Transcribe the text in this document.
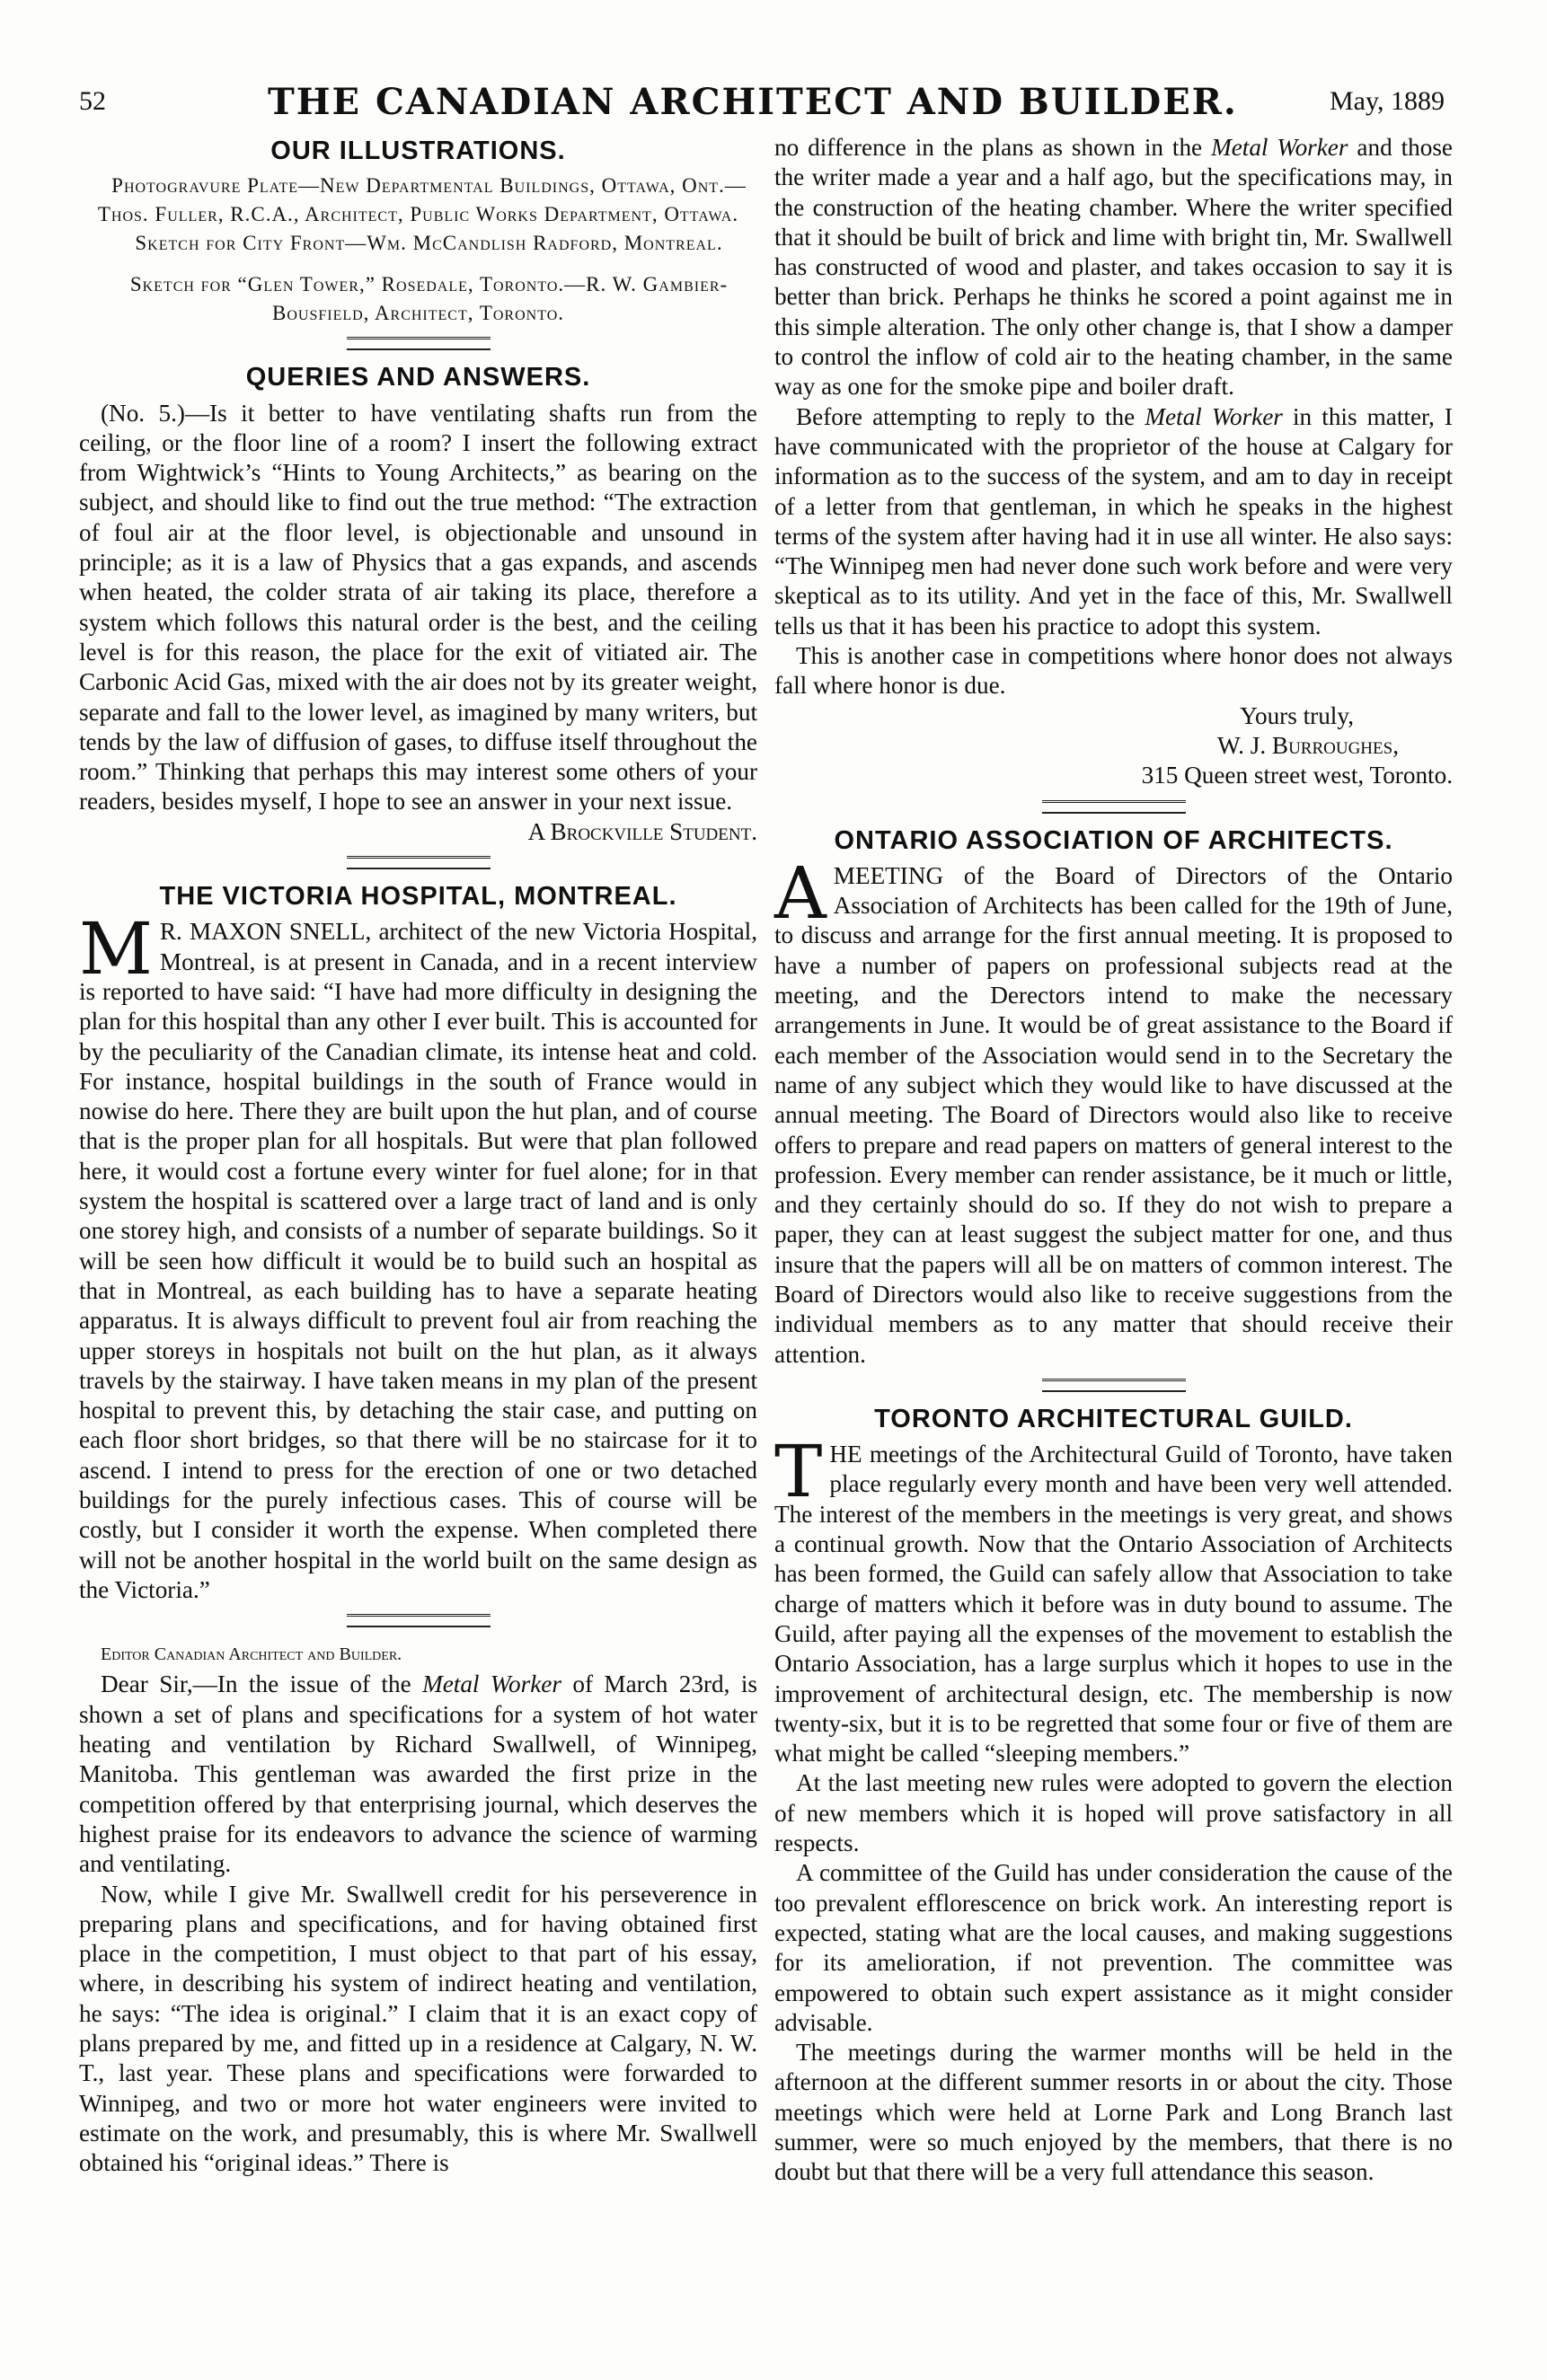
52	THE CANADIAN ARCHITECT AND BUILDER.	May, 1889
OUR ILLUSTRATIONS.

Photogravure Plate—New Departmental Buildings, Ottawa, Ont.—Thos. Fuller, R.C.A., Architect, Public Works Department, Ottawa.

Sketch for City Front—Wm. McCandlish Radford, Montreal.

Sketch for “Glen Tower,” Rosedale, Toronto.—R. W. Gambier-Bousfield, Architect, Toronto.

QUERIES AND ANSWERS.

(No. 5.)—Is it better to have ventilating shafts run from the ceiling, or the floor line of a room? I insert the following extract from Wightwick’s “Hints to Young Architects,” as bearing on the subject, and should like to find out the true method: “The extraction of foul air at the floor level, is objectionable and unsound in principle; as it is a law of Physics that a gas expands, and ascends when heated, the colder strata of air taking its place, therefore a system which follows this natural order is the best, and the ceiling level is for this reason, the place for the exit of vitiated air. The Carbonic Acid Gas, mixed with the air does not by its greater weight, separate and fall to the lower level, as imagined by many writers, but tends by the law of diffusion of gases, to diffuse itself throughout the room.” Thinking that perhaps this may interest some others of your readers, besides myself, I hope to see an answer in your next issue.

A Brockville Student.

THE VICTORIA HOSPITAL, MONTREAL.

M R. MAXON SNELL, architect of the new Victoria Hospital, Montreal, is at present in Canada, and in a recent interview is reported to have said: “I have had more difficulty in designing the plan for this hospital than any other I ever built. This is accounted for by the peculiarity of the Canadian climate, its intense heat and cold. For instance, hospital buildings in the south of France would in nowise do here. There they are built upon the hut plan, and of course that is the proper plan for all hospitals. But were that plan followed here, it would cost a fortune every winter for fuel alone; for in that system the hospital is scattered over a large tract of land and is only one storey high, and consists of a number of separate buildings. So it will be seen how difficult it would be to build such an hospital as that in Montreal, as each building has to have a separate heating apparatus. It is always difficult to prevent foul air from reaching the upper storeys in hospitals not built on the hut plan, as it always travels by the stairway. I have taken means in my plan of the present hospital to prevent this, by detaching the stair case, and putting on each floor short bridges, so that there will be no staircase for it to ascend. I intend to press for the erection of one or two detached buildings for the purely infectious cases. This of course will be costly, but I consider it worth the expense. When completed there will not be another hospital in the world built on the same design as the Victoria.”

Editor Canadian Architect and Builder.

Dear Sir,—In the issue of the Metal Worker of March 23rd, is shown a set of plans and specifications for a system of hot water heating and ventilation by Richard Swallwell, of Winnipeg, Manitoba. This gentleman was awarded the first prize in the competition offered by that enterprising journal, which deserves the highest praise for its endeavors to advance the science of warming and ventilating.

Now, while I give Mr. Swallwell credit for his perseverence in preparing plans and specifications, and for having obtained first place in the competition, I must object to that part of his essay, where, in describing his system of indirect heating and ventilation, he says: “The idea is original.” I claim that it is an exact copy of plans prepared by me, and fitted up in a residence at Calgary, N. W. T., last year. These plans and specifications were forwarded to Winnipeg, and two or more hot water engineers were invited to estimate on the work, and presumably, this is where Mr. Swallwell obtained his “original ideas.” There is

no difference in the plans as shown in the Metal Worker and those the writer made a year and a half ago, but the specifications may, in the construction of the heating chamber. Where the writer specified that it should be built of brick and lime with bright tin, Mr. Swallwell has constructed of wood and plaster, and takes occasion to say it is better than brick. Perhaps he thinks he scored a point against me in this simple alteration. The only other change is, that I show a damper to control the inflow of cold air to the heating chamber, in the same way as one for the smoke pipe and boiler draft.

Before attempting to reply to the Metal Worker in this matter, I have communicated with the proprietor of the house at Calgary for information as to the success of the system, and am to day in receipt of a letter from that gentleman, in which he speaks in the highest terms of the system after having had it in use all winter. He also says: “The Winnipeg men had never done such work before and were very skeptical as to its utility. And yet in the face of this, Mr. Swallwell tells us that it has been his practice to adopt this system.

This is another case in competitions where honor does not always fall where honor is due.

Yours truly,

W. J. Burroughes,

315 Queen street west, Toronto.

ONTARIO ASSOCIATION OF ARCHITECTS.

AMEETING of the Board of Directors of the Ontario Association of Architects has been called for the 19th of June, to discuss and arrange for the first annual meeting. It is proposed to have a number of papers on professional subjects read at the meeting, and the Derectors intend to make the necessary arrangements in June. It would be of great assistance to the Board if each member of the Association would send in to the Secretary the name of any subject which they would like to have discussed at the annual meeting. The Board of Directors would also like to receive offers to prepare and read papers on matters of general interest to the profession. Every member can render assistance, be it much or little, and they certainly should do so. If they do not wish to prepare a paper, they can at least suggest the subject matter for one, and thus insure that the papers will all be on matters of common interest. The Board of Directors would also like to receive suggestions from the individual members as to any matter that should receive their attention.

TORONTO ARCHITECTURAL GUILD.

THE meetings of the Architectural Guild of Toronto, have taken place regularly every month and have been very well attended. The interest of the members in the meetings is very great, and shows a continual growth. Now that the Ontario Association of Architects has been formed, the Guild can safely allow that Association to take charge of matters which it before was in duty bound to assume. The Guild, after paying all the expenses of the movement to establish the Ontario Association, has a large surplus which it hopes to use in the improvement of architectural design, etc. The membership is now twenty-six, but it is to be regretted that some four or five of them are what might be called “sleeping members.”

At the last meeting new rules were adopted to govern the election of new members which it is hoped will prove satisfactory in all respects.

A committee of the Guild has under consideration the cause of the too prevalent efflorescence on brick work. An interesting report is expected, stating what are the local causes, and making suggestions for its amelioration, if not prevention. The committee was empowered to obtain such expert assistance as it might consider advisable.

The meetings during the warmer months will be held in the afternoon at the different summer resorts in or about the city. Those meetings which were held at Lorne Park and Long Branch last summer, were so much enjoyed by the members, that there is no doubt but that there will be a very full attendance this season.
